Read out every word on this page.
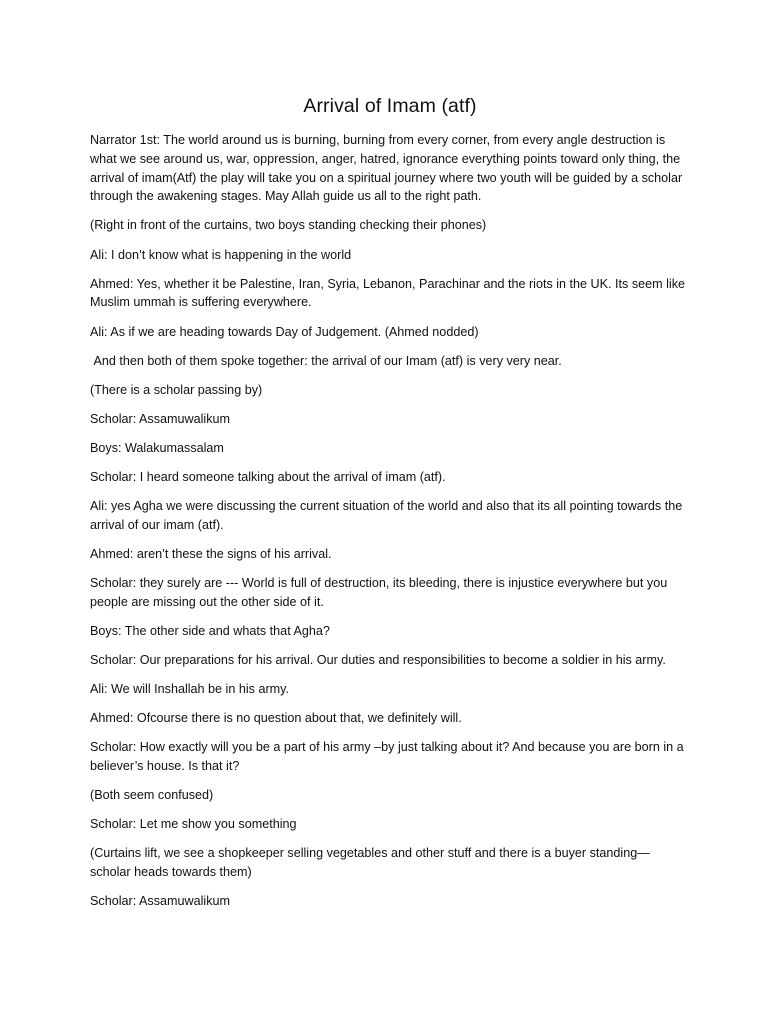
Arrival of Imam (atf)

Narrator 1st: The world around us is burning, burning from every corner, from every angle destruction is what we see around us, war, oppression, anger, hatred, ignorance everything points toward only thing, the arrival of imam(Atf) the play will take you on a spiritual journey where two youth will be guided by a scholar through the awakening stages. May Allah guide us all to the right path.

(Right in front of the curtains, two boys standing checking their phones)

Ali: I don’t know what is happening in the world

Ahmed: Yes, whether it be Palestine, Iran, Syria, Lebanon, Parachinar and the riots in the UK. Its seem like Muslim ummah is suffering everywhere.

Ali: As if we are heading towards Day of Judgement. (Ahmed nodded)

And then both of them spoke together: the arrival of our Imam (atf) is very very near.

(There is a scholar passing by)

Scholar: Assamuwalikum

Boys: Walakumassalam

Scholar: I heard someone talking about the arrival of imam (atf).

Ali: yes Agha we were discussing the current situation of the world and also that its all pointing towards the arrival of our imam (atf).

Ahmed: aren’t these the signs of his arrival.

Scholar: they surely are --- World is full of destruction, its bleeding, there is injustice everywhere but you people are missing out the other side of it.

Boys: The other side and whats that Agha?

Scholar: Our preparations for his arrival. Our duties and responsibilities to become a soldier in his army.

Ali: We will Inshallah be in his army.

Ahmed: Ofcourse there is no question about that, we definitely will.

Scholar: How exactly will you be a part of his army –by just talking about it? And because you are born in a believer’s house. Is that it?

(Both seem confused)

Scholar: Let me show you something

(Curtains lift, we see a shopkeeper selling vegetables and other stuff and there is a buyer standing—scholar heads towards them)

Scholar: Assamuwalikum
